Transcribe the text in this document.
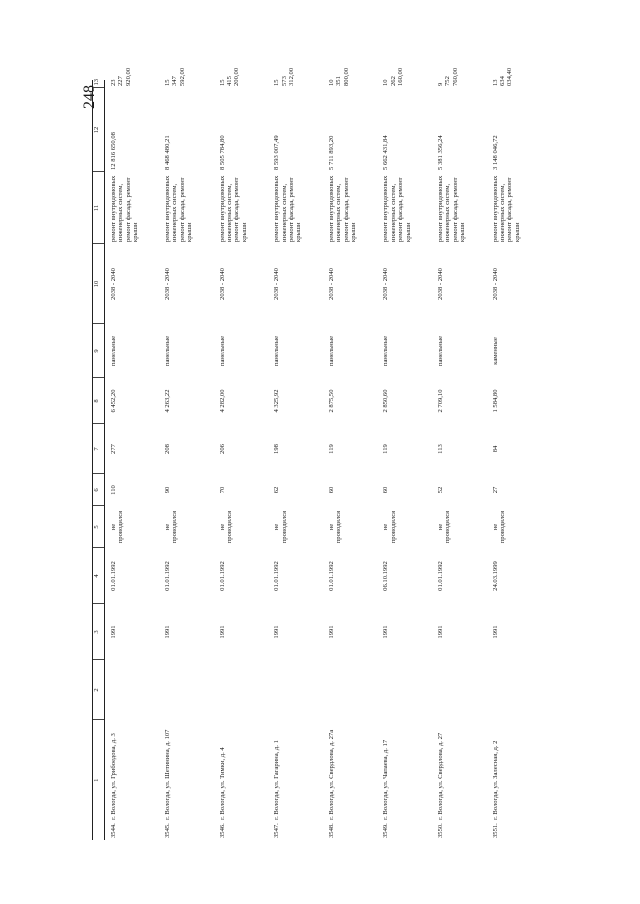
248
1	2	3	4	5	6	7	8	9	10	11	12	13
3544.  г. Вологда, ул. Грибоедова, д. 3		1991	01.01.1992	не проводился	110	277	6 452,20	панельные	2038 - 2040	ремонт внутридомовых инженерных систем, ремонт фасада, ремонт крыши	12 816 650,08	23 227 920,00
3545.  г. Вологда, ул. Шетинина, д. 107		1991	01.01.1992	не проводился	90	208	4 263,22	панельные	2038 - 2040	ремонт внутридомовых инженерных систем, ремонт фасада, ремонт крыши	8 468 480,21	15 347 592,00
3546.  г. Вологда, ул. Тимки, д. 4		1991	01.01.1992	не проводился	70	206	4 282,00	панельные	2038 - 2040	ремонт внутридомовых инженерных систем, ремонт фасада, ремонт крыши	8 505 784,80	15 415 200,00
3547.  г. Вологда, ул. Гагарина, д. 1		1991	01.01.1992	не проводился	62	198	4 325,92	панельные	2038 - 2040	ремонт внутридомовых инженерных систем, ремонт фасада, ремонт крыши	8 593 007,49	15 573 312,00
3548.  г. Вологда, ул. Свердлова, д. 27а		1991	01.01.1992	не проводился	60	119	2 875,50	панельные	2038 - 2040	ремонт внутридомовых инженерных систем, ремонт фасада, ремонт крыши	5 711 893,20	10 351 800,00
3549.  г. Вологда, ул. Чапаева, д. 17		1991	06.10.1992	не проводился	60	119	2 850,60	панельные	2038 - 2040	ремонт внутридомовых инженерных систем, ремонт фасада, ремонт крыши	5 662 431,84	10 262 160,00
3550.  г. Вологда, ул. Свердлова, д. 27		1991	01.01.1992	не проводился	52	113	2 709,10	панельные	2038 - 2040	ремонт внутридомовых инженерных систем, ремонт фасада, ремонт крыши	5 381 356,24	9 752 760,00
3551.  г. Вологда, ул. Залесная, д. 2		1991	24.03.1999	не проводился	27	84	1 584,80	каменные	2038 - 2040	ремонт внутридомовых инженерных систем, ремонт фасада, ремонт крыши	3 148 046,72	13 634 034,40
